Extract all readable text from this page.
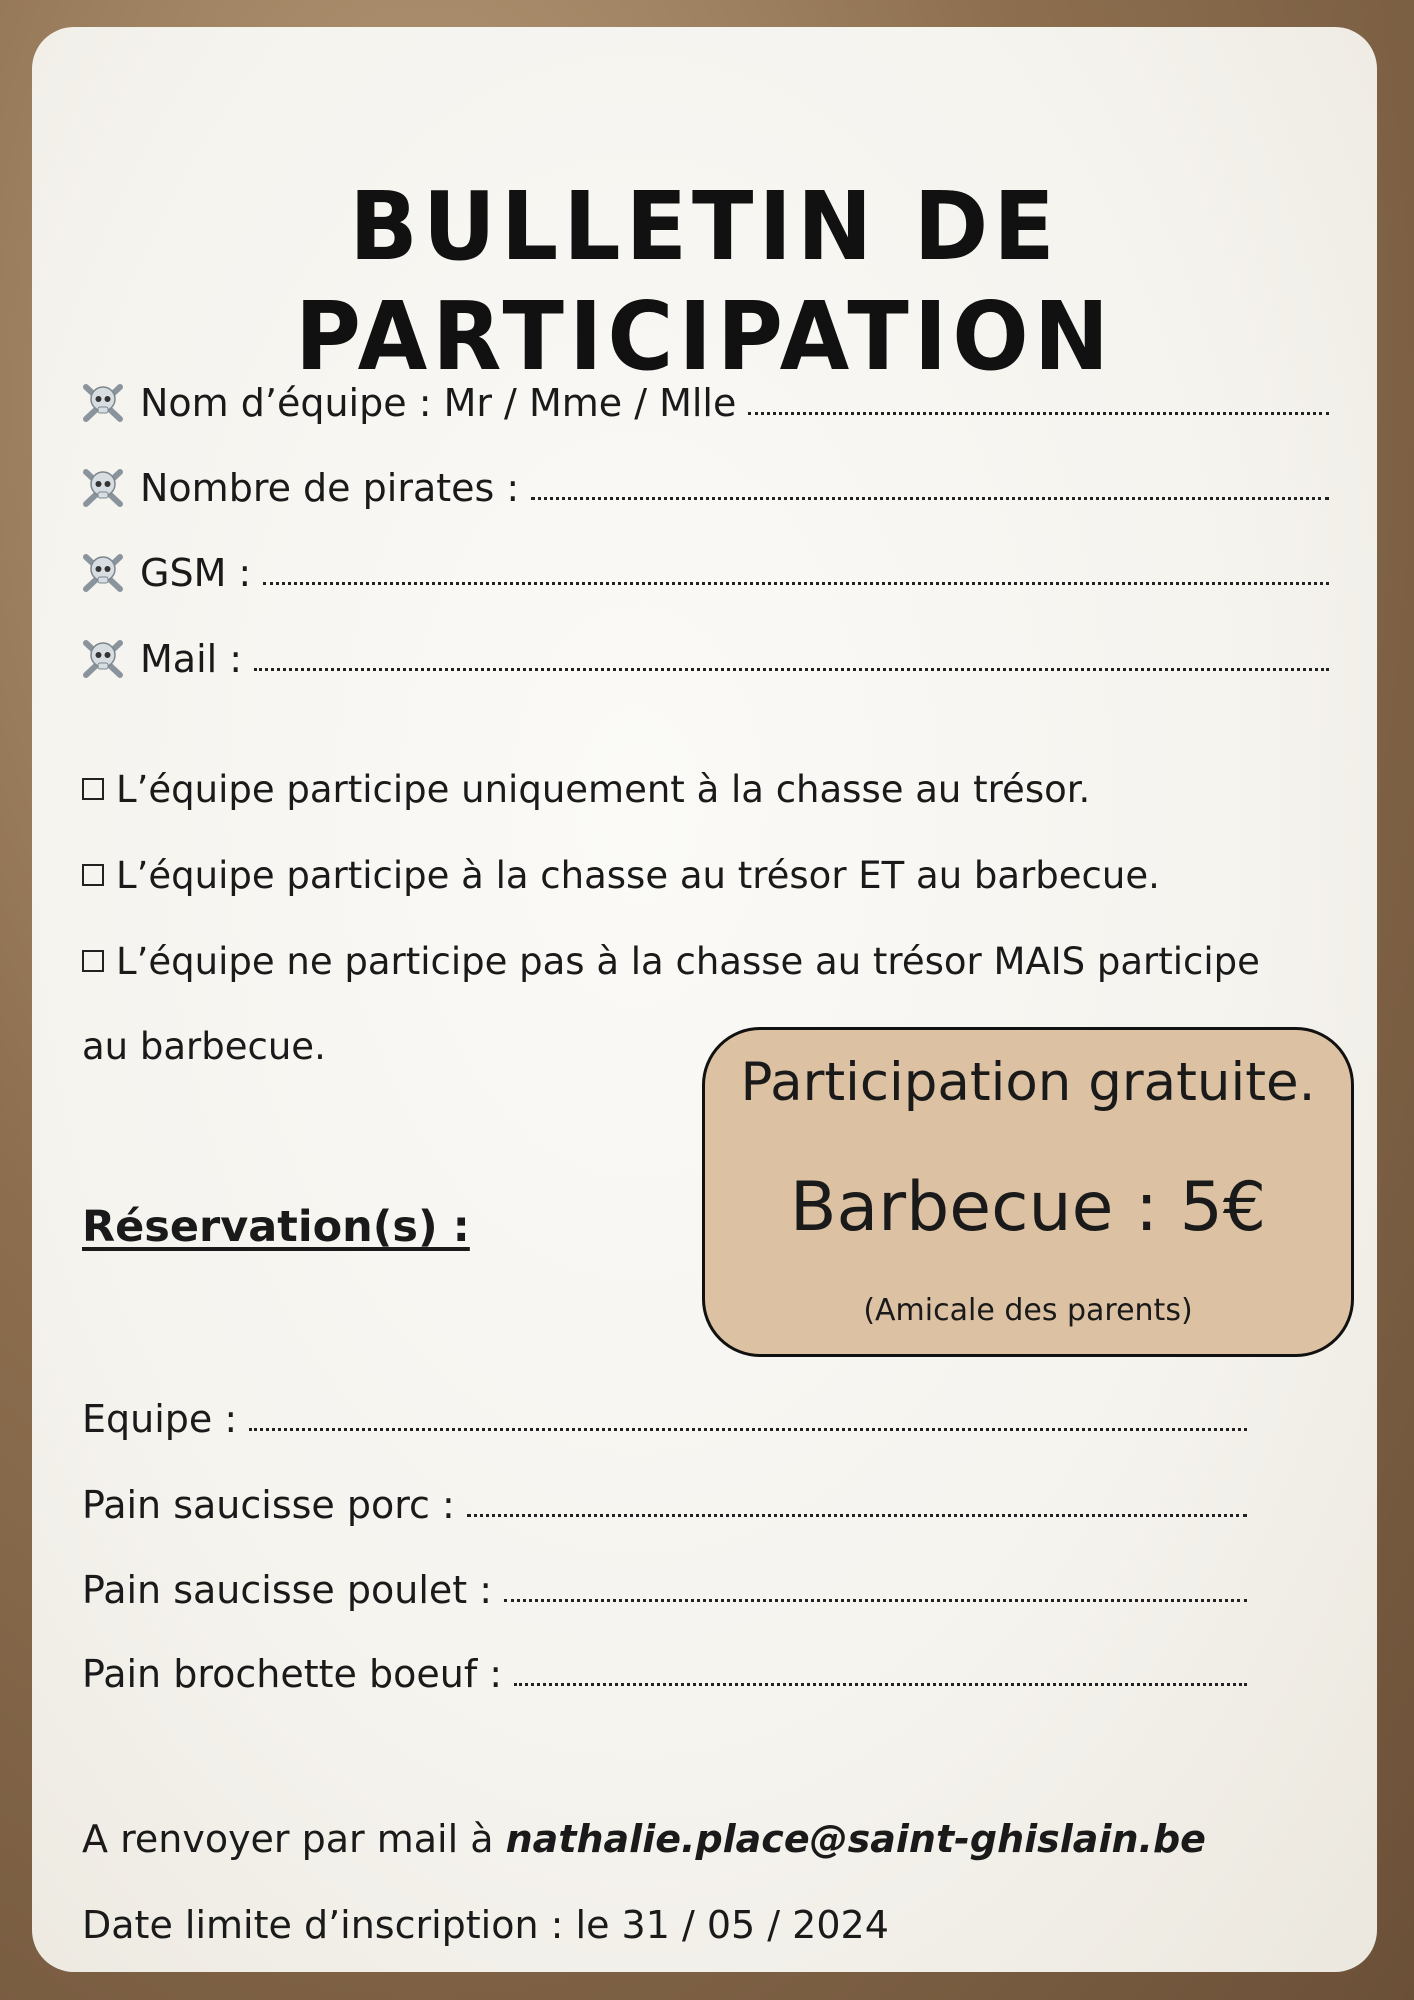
BULLETIN DE PARTICIPATION
Nom d’équipe : Mr / Mme / Mlle
Nombre de pirates :
GSM :
Mail :
L’équipe participe uniquement à la chasse au trésor.
L’équipe participe à la chasse au trésor ET au barbecue.
L’équipe ne participe pas à la chasse au trésor MAIS participe
au barbecue.
Participation gratuite.
Barbecue : 5€
(Amicale des parents)
Réservation(s) :
Equipe :
Pain saucisse porc :
Pain saucisse poulet :
Pain brochette boeuf :
A renvoyer par mail à nathalie.place@saint-ghislain.be
Date limite d’inscription : le 31 / 05 / 2024
